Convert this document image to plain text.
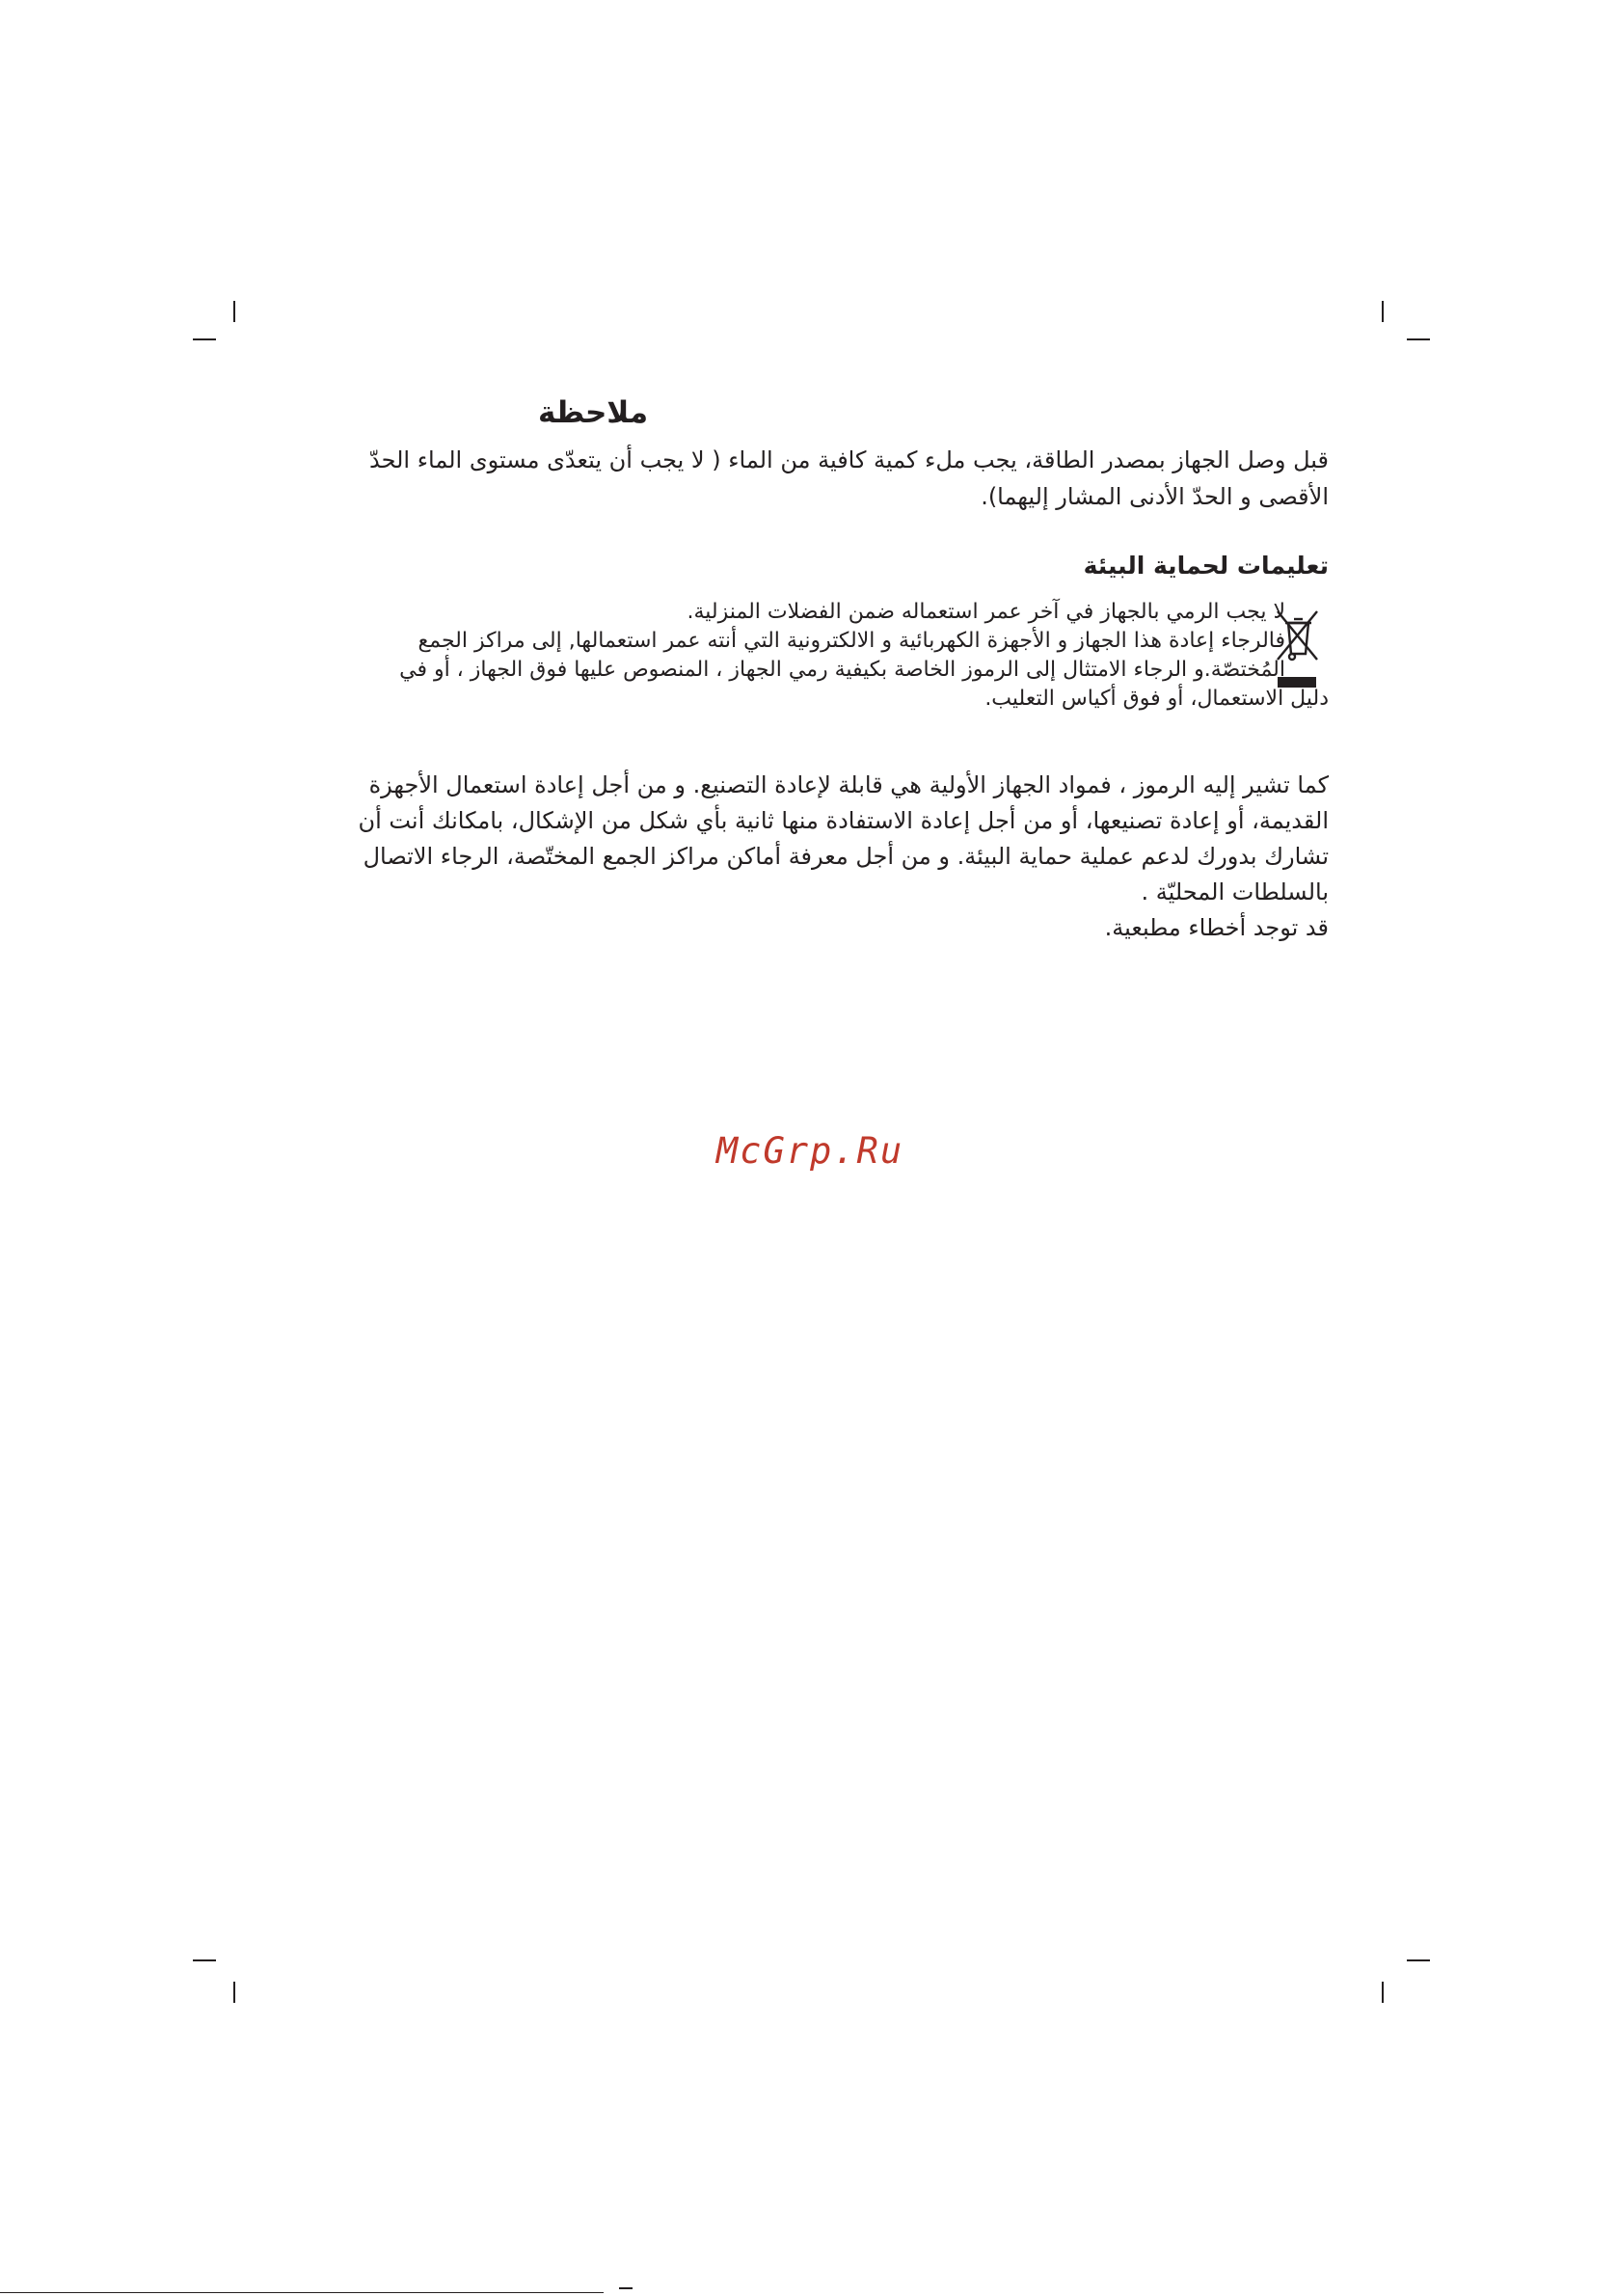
ملاحظة
قبل وصل الجهاز بمصدر الطاقة، يجب ملء كمية كافية من الماء ( لا يجب أن يتعدّى مستوى الماء الحدّ
الأقصى و الحدّ الأدنى المشار إليهما).
تعليمات لحماية البيئة
لا يجب الرمي بالجهاز في آخر عمر استعماله ضمن الفضلات المنزلية.
فالرجاء إعادة هذا الجهاز و الأجهزة الكهربائية و الالكترونية التي أنته عمر استعمالها, إلى مراكز الجمع
المُختصّة.و الرجاء الامتثال إلى الرموز الخاصة بكيفية رمي الجهاز ، المنصوص عليها فوق الجهاز ، أو في
دليل الاستعمال، أو فوق أكياس التعليب.
كما تشير إليه الرموز ، فمواد الجهاز الأولية هي قابلة لإعادة التصنيع. و من أجل إعادة استعمال الأجهزة
القديمة، أو إعادة تصنيعها، أو من أجل إعادة الاستفادة منها ثانية بأي شكل من الإشكال، بامكانك أنت أن
تشارك بدورك لدعم عملية حماية البيئة. و من أجل معرفة أماكن مراكز الجمع المختّصة، الرجاء الاتصال
بالسلطات المحليّة .
قد توجد أخطاء مطبعية.
McGrp.Ru
